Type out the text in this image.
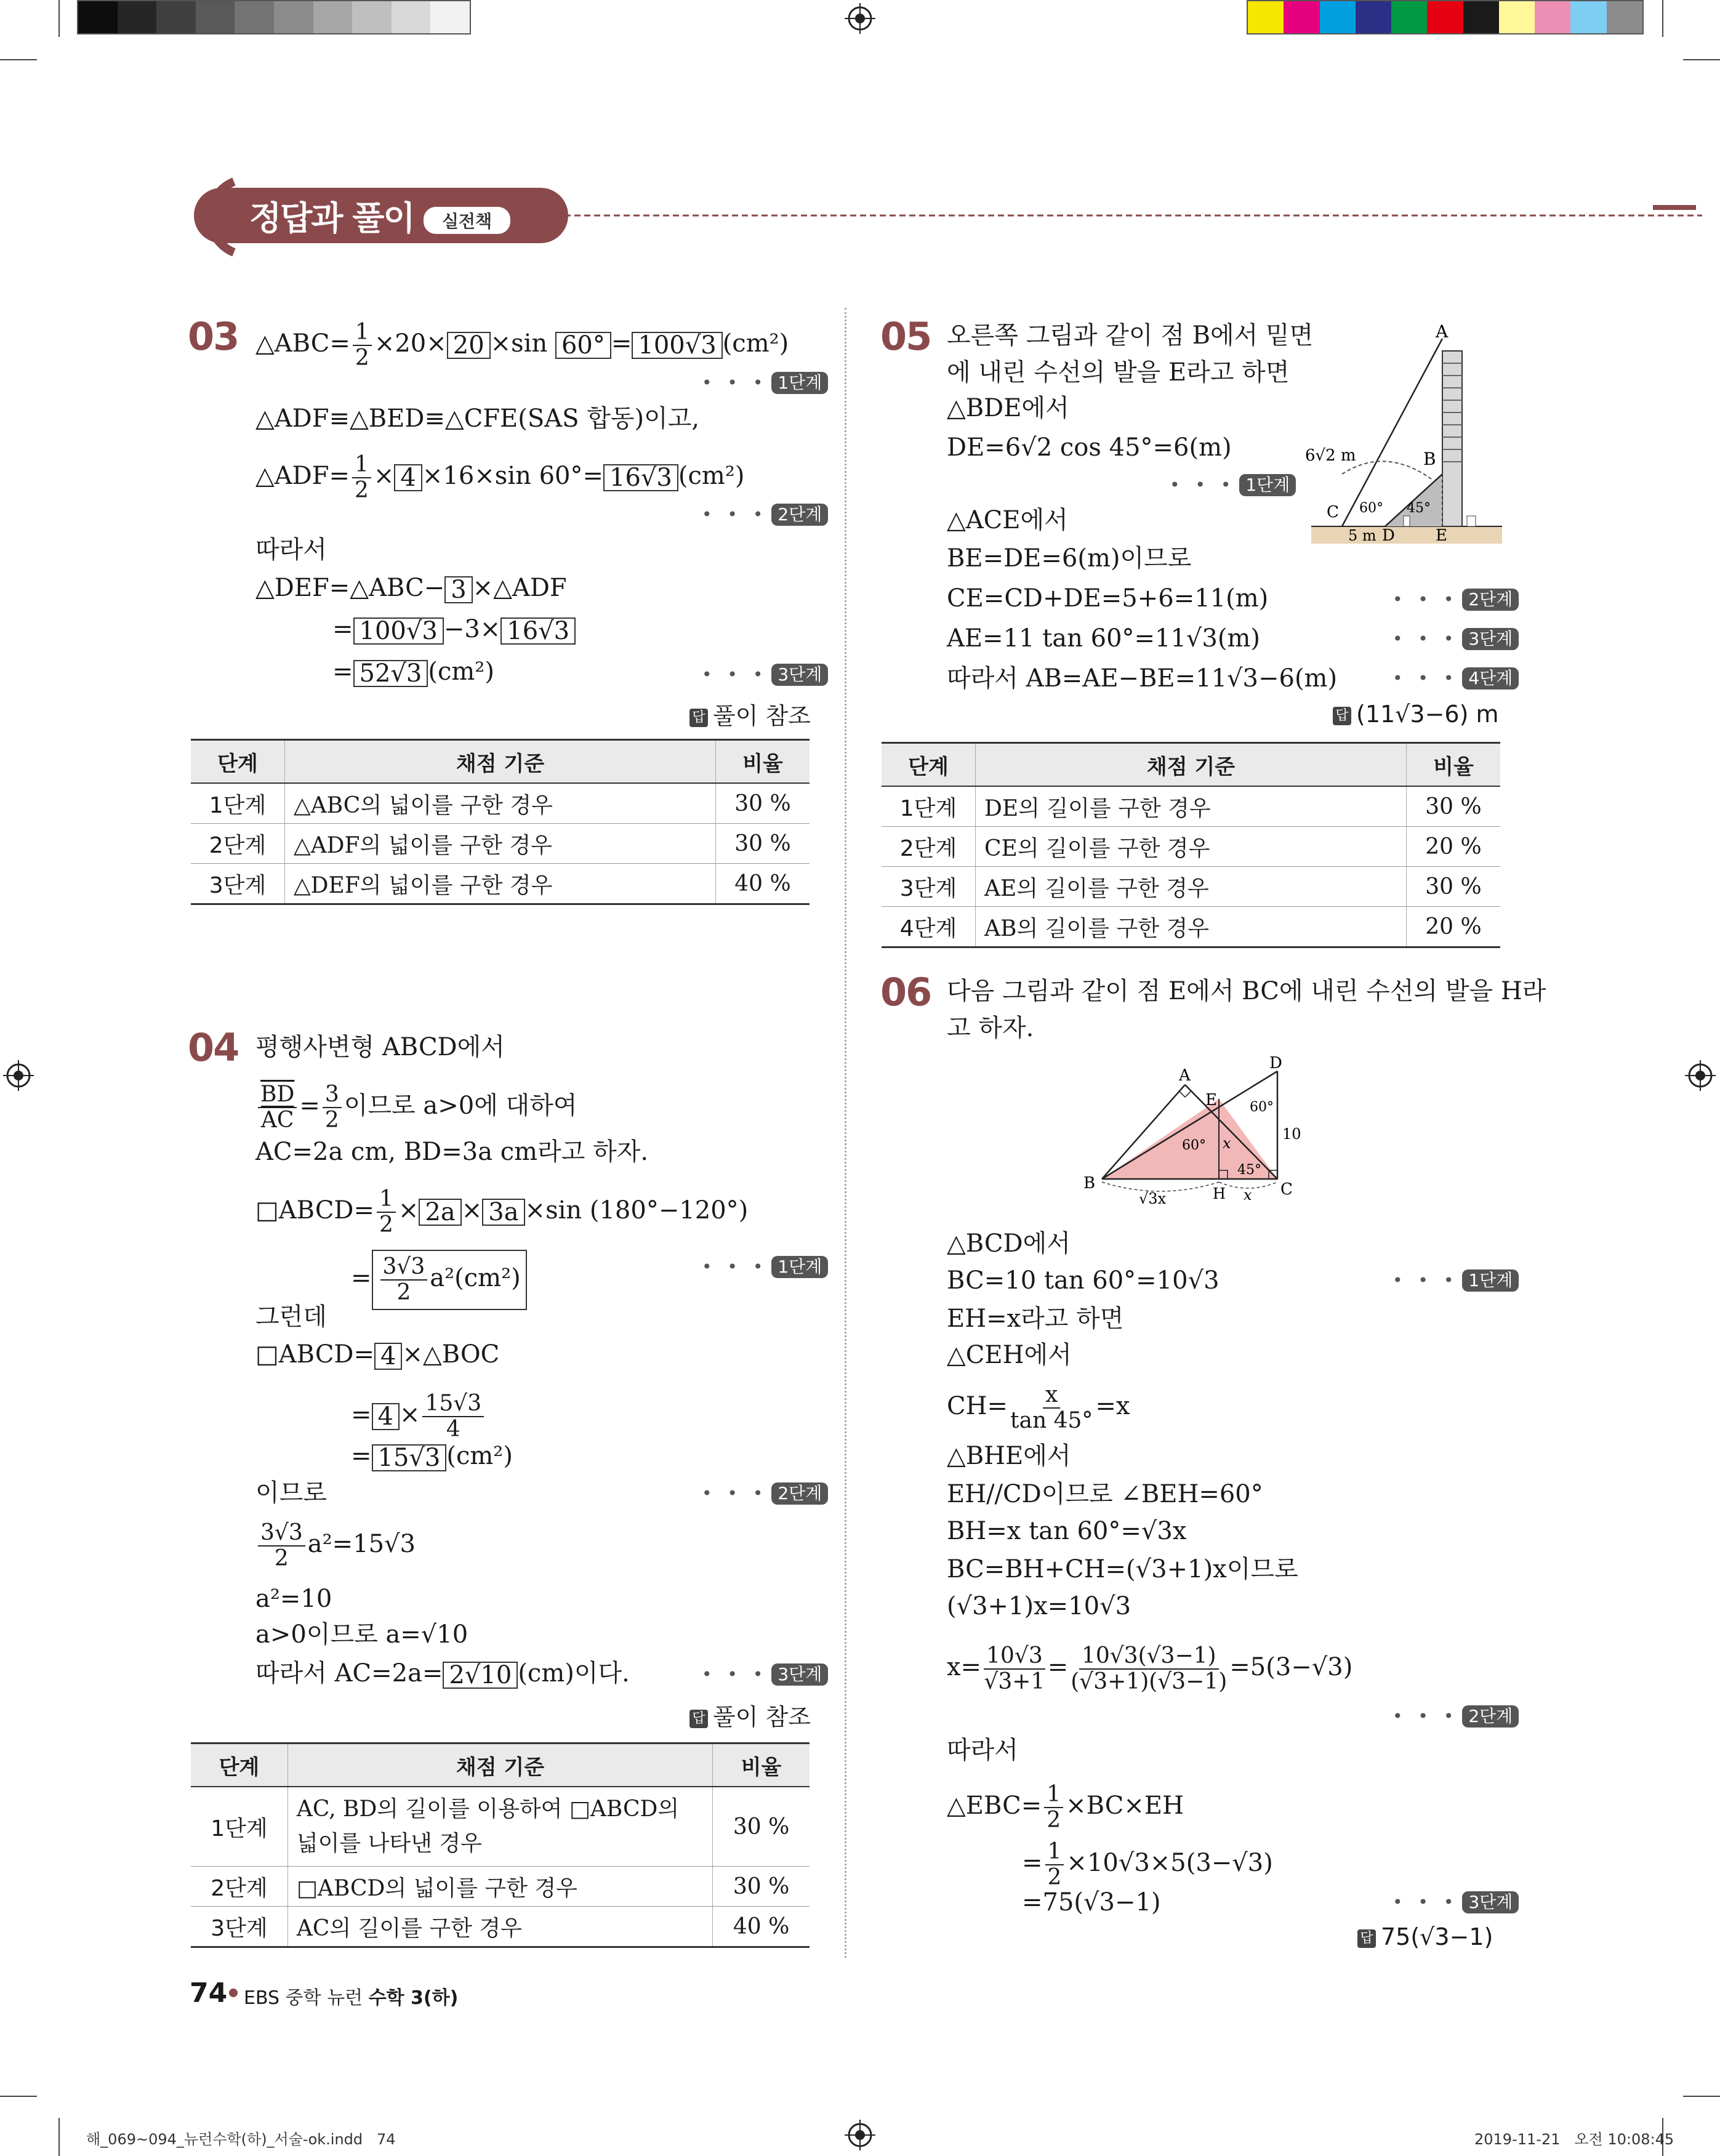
정답과 풀이	실전책
03 △ABC= $\frac{1}{2} \times 20\times 20 \times\sin$ 60° = 100√3 (cm²)
• • • 1단계
△ADF≡△BED≡△CFE(SAS 합동)이고,
△ADF= $\frac{1}{2} \times 4 \times 16\times\sin$ 60°= 16√3 (cm²)
• • • 2단계
따라서
△DEF=△ABC− 3 ×△ADF
= 100√3 −3× 16√3
= 52√3 (cm²)	• • • 3단계
답 풀이 참조
단계	채점 기준	비율
1단계	△ABC의 넓이를 구한 경우	30 %
2단계	△ADF의 넓이를 구한 경우	30 %
3단계	△DEF의 넓이를 구한 경우	40 %
04 평행사변형 ABCD에서
$\frac{\overline{BD}}{AC} = \frac{3}{2}$ 이므로 a>0에 대하여
AC=2a cm, BD=3a cm라고 하자.
□ABCD= $\frac{1}{2} \times 2a \times 3a \times\sin$ (180°−120°)
= $\frac{3√3}{2} a^2(cm^2)$	• • • 1단계
그런데
□ABCD= 4 ×△BOC
= $4 \times \frac{15√3}{4}$
= 15√3 (cm²)
이므로	• • • 2단계
$\frac{3√3}{2} a^2=15√3$
a²=10
a>0이므로 a=√10
따라서 AC=2a= 2√10 (cm)이다.	• • • 3단계
답 풀이 참조
단계	채점 기준	비율
1단계	AC, BD의 길이를 이용하여 □ABCD의 넓이를 나타낸 경우	30 %
2단계	□ABCD의 넓이를 구한 경우	30 %
3단계	AC의 길이를 구한 경우	40 %
05 오른쪽 그림과 같이 점 B에서 밑면
에 내린 수선의 발을 E라고 하면
△BDE에서
DE=6√2 cos 45°=6(m)
• • • 1단계
△ACE에서
BE=DE=6(m)이므로
CE=CD+DE=5+6=11(m)	• • • 2단계
AE=11 tan 60°=11√3(m)	• • • 3단계
따라서 AB=AE−BE=11√3−6(m)	• • • 4단계
답 (11√3−6) m
A
B
C
D	E
6√2 m
60° 45°
5 m
단계	채점 기준	비율
1단계	DE의 길이를 구한 경우	30 %
2단계	CE의 길이를 구한 경우	20 %
3단계	AE의 길이를 구한 경우	30 %
4단계	AB의 길이를 구한 경우	20 %
06 다음 그림과 같이 점 E에서 BC에 내린 수선의 발을 H라
고 하자.
A
D
E
B	C
H
60°
60°
45°
x
x
√3x
10
△BCD에서
BC=10 tan 60°=10√3	• • • 1단계
EH=x라고 하면
△CEH에서
$CH= \frac{x}{\tan 45^\circ} =x$
△BHE에서
EH//CD이므로 ∠BEH=60°
BH=x tan 60°=√3x
BC=BH+CH=(√3+1)x이므로
(√3+1)x=10√3
$x= \frac{10√3}{√3+1} = \frac{10√3(√3-1)}{(√3+1)(√3-1)} =5(3-√3)$
• • • 2단계
따라서
△EBC= $\frac{1}{2} \times BC\times EH$
= $\frac{1}{2} \times 10√3\times 5(3-√3)$
=75(√3−1)	• • • 3단계
답 75(√3−1)
74 EBS 중학 뉴런 수학 3(하)
해_069~094_뉴런수학(하)_서술-ok.indd   74	2019-11-21   오전 10:08:45
